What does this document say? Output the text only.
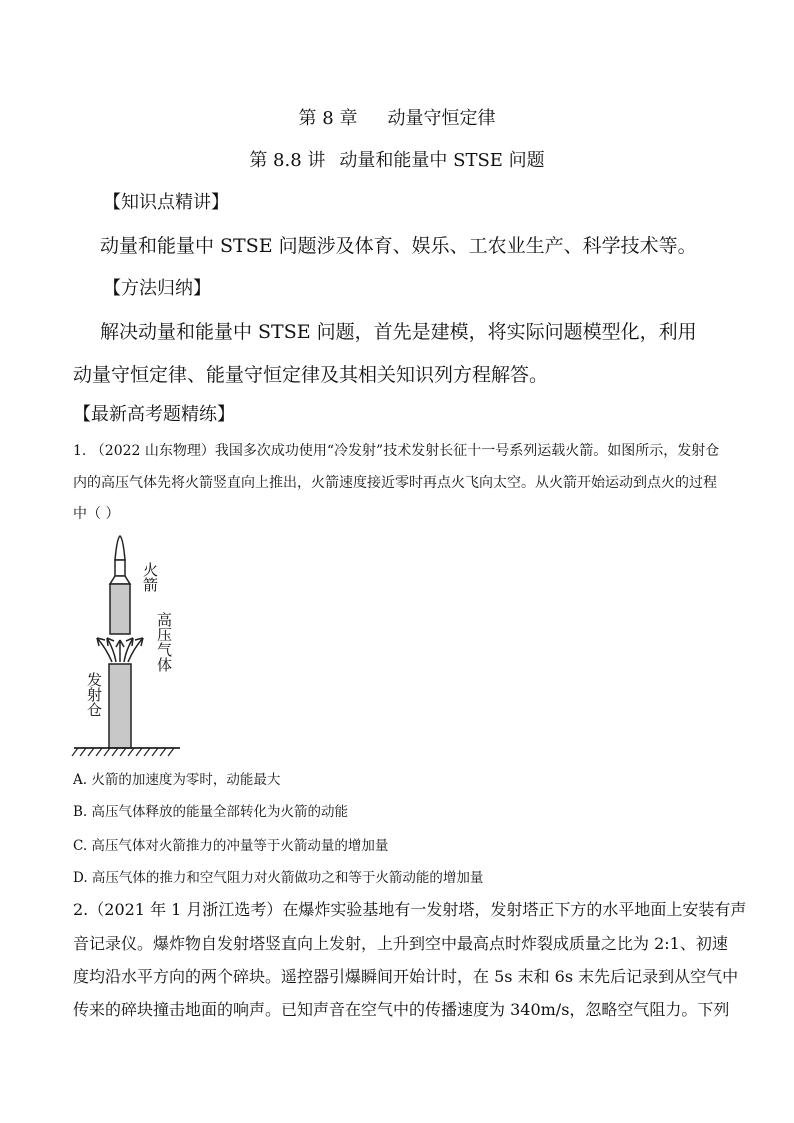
第 8 章 动量守恒定律
第 8.8 讲 动量和能量中 STSE 问题
【知识点精讲】
动量和能量中 STSE 问题涉及体育、娱乐、工农业生产、科学技术等。
【方法归纳】
解决动量和能量中 STSE 问题，首先是建模，将实际问题模型化，利用
动量守恒定律、能量守恒定律及其相关知识列方程解答。
【最新高考题精练】
1. （2022 山东物理）我国多次成功使用“冷发射”技术发射长征十一号系列运载火箭。如图所示，发射仓
内的高压气体先将火箭竖直向上推出，火箭速度接近零时再点火飞向太空。从火箭开始运动到点火的过程
中（ ）
火箭
高压气体
发射仓
A. 火箭的加速度为零时，动能最大
B. 高压气体释放的能量全部转化为火箭的动能
C. 高压气体对火箭推力的冲量等于火箭动量的增加量
D. 高压气体的推力和空气阻力对火箭做功之和等于火箭动能的增加量
2.（2021 年 1 月浙江选考）在爆炸实验基地有一发射塔，发射塔正下方的水平地面上安装有声
音记录仪。爆炸物自发射塔竖直向上发射，上升到空中最高点时炸裂成质量之比为 2:1、初速
度均沿水平方向的两个碎块。遥控器引爆瞬间开始计时，在 5s 末和 6s 末先后记录到从空气中
传来的碎块撞击地面的响声。已知声音在空气中的传播速度为 340m/s，忽略空气阻力。下列
